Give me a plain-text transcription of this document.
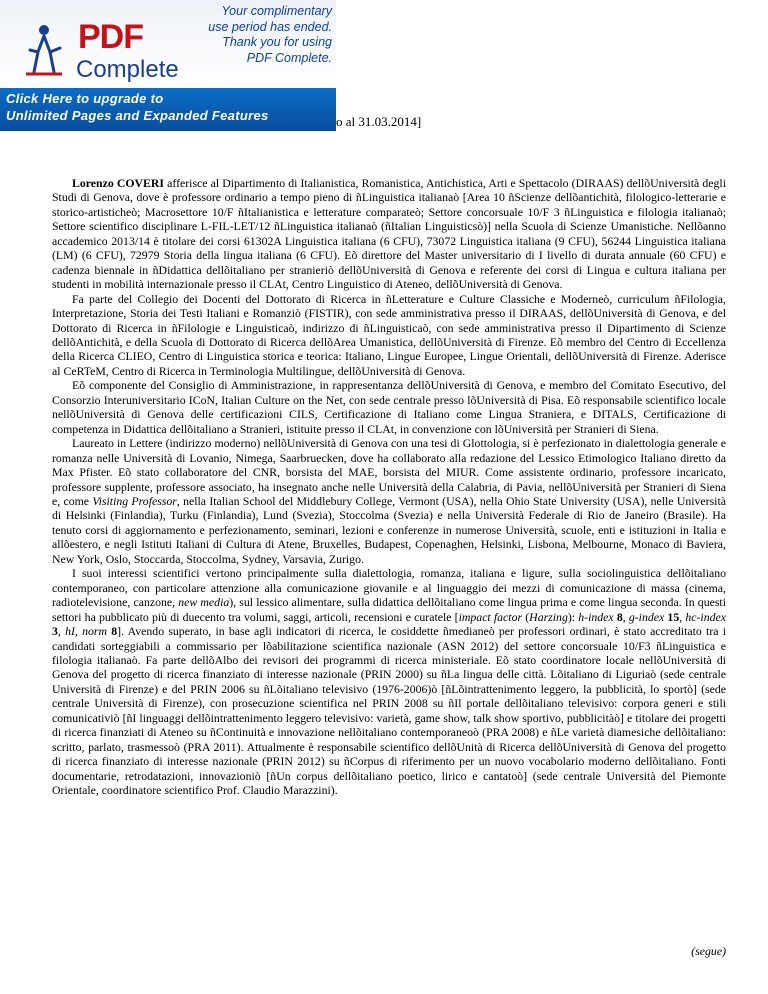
PDF
Complete
Your complimentary
use period has ended.
Thank you for using
PDF Complete.
Click Here to upgrade to
Unlimited Pages and Expanded Features	o al 31.03.2014]

Lorenzo COVERI afferisce al Dipartimento di Italianistica, Romanistica, Antichistica, Arti e Spettacolo (DIRAAS) dellõUniversità degli Studi di Genova, dove è professore ordinario a tempo pieno di ñLinguistica italianaò [Area 10 ñScienze dellõantichità, filologico-letterarie e storico-artisticheò; Macrosettore 10/F ñItalianistica e letterature comparateò; Settore concorsuale 10/F 3 ñLinguistica e filologia italianaò; Settore scientifico disciplinare L-FIL-LET/12 ñLinguistica italianaò (ñItalian Linguisticsò)] nella Scuola di Scienze Umanistiche. Nellõanno accademico 2013/14 è titolare dei corsi 61302A Linguistica italiana (6 CFU), 73072 Linguistica italiana (9 CFU), 56244 Linguistica italiana (LM) (6 CFU), 72979 Storia della lingua italiana (6 CFU). Eõ direttore del Master universitario di I livello di durata annuale (60 CFU) e cadenza biennale in ñDidattica dellõitaliano per stranieriò dellõUniversità di Genova e referente dei corsi di Lingua e cultura italiana per studenti in mobilità internazionale presso il CLAt, Centro Linguistico di Ateneo, dellõUniversità di Genova.

Fa parte del Collegio dei Docenti del Dottorato di Ricerca in ñLetterature e Culture Classiche e Moderneò, curriculum ñFilologia, Interpretazione, Storia dei Testi Italiani e Romanziò (FISTIR), con sede amministrativa presso il DIRAAS, dellõUniversità di Genova, e del Dottorato di Ricerca in ñFilologie e Linguisticaò, indirizzo di ñLinguisticaò, con sede amministrativa presso il Dipartimento di Scienze dellõAntichità, e della Scuola di Dottorato di Ricerca dellõArea Umanistica, dellõUniversità di Firenze. Eõ membro del Centro di Eccellenza della Ricerca CLIEO, Centro di Linguistica storica e teorica: Italiano, Lingue Europee, Lingue Orientali, dellõUniversità di Firenze. Aderisce al CeRTeM, Centro di Ricerca in Terminologia Multilingue, dellõUniversità di Genova.

Eõ componente del Consiglio di Amministrazione, in rappresentanza dellõUniversità di Genova, e membro del Comitato Esecutivo, del Consorzio Interuniversitario ICoN, Italian Culture on the Net, con sede centrale presso lõUniversità di Pisa. Eõ responsabile scientifico locale nellõUniversità di Genova delle certificazioni CILS, Certificazione di Italiano come Lingua Straniera, e DITALS, Certificazione di competenza in Didattica dellõitaliano a Stranieri, istituite presso il CLAt, in convenzione con lõUniversità per Stranieri di Siena.

Laureato in Lettere (indirizzo moderno) nellõUniversità di Genova con una tesi di Glottologia, si è perfezionato in dialettologia generale e romanza nelle Università di Lovanio, Nimega, Saarbruecken, dove ha collaborato alla redazione del Lessico Etimologico Italiano diretto da Max Pfister. Eõ stato collaboratore del CNR, borsista del MAE, borsista del MIUR. Come assistente ordinario, professore incaricato, professore supplente, professore associato, ha insegnato anche nelle Università della Calabria, di Pavia, nellõUniversità per Stranieri di Siena e, come Visiting Professor, nella Italian School del Middlebury College, Vermont (USA), nella Ohio State University (USA), nelle Università di Helsinki (Finlandia), Turku (Finlandia), Lund (Svezia), Stoccolma (Svezia) e nella Università Federale di Rio de Janeiro (Brasile). Ha tenuto corsi di aggiornamento e perfezionamento, seminari, lezioni e conferenze in numerose Università, scuole, enti e istituzioni in Italia e allõestero, e negli Istituti Italiani di Cultura di Atene, Bruxelles, Budapest, Copenaghen, Helsinki, Lisbona, Melbourne, Monaco di Baviera, New York, Oslo, Stoccarda, Stoccolma, Sydney, Varsavia, Zurigo.

I suoi interessi scientifici vertono principalmente sulla dialettologia, romanza, italiana e ligure, sulla sociolinguistica dellõitaliano contemporaneo, con particolare attenzione alla comunicazione giovanile e al linguaggio dei mezzi di comunicazione di massa (cinema, radiotelevisione, canzone, new media), sul lessico alimentare, sulla didattica dellõitaliano come lingua prima e come lingua seconda. In questi settori ha pubblicato più di duecento tra volumi, saggi, articoli, recensioni e curatele [impact factor (Harzing): h-index 8, g-index 15, hc-index 3, hI, norm 8]. Avendo superato, in base agli indicatori di ricerca, le cosiddette ñmedianeò per professori ordinari, è stato accreditato tra i candidati sorteggiabili a commissario per lõabilitazione scientifica nazionale (ASN 2012) del settore concorsuale 10/F3 ñLinguistica e filologia italianaò. Fa parte dellõAlbo dei revisori dei programmi di ricerca ministeriale. Eõ stato coordinatore locale nellõUniversità di Genova del progetto di ricerca finanziato di interesse nazionale (PRIN 2000) su ñLa lingua delle città. Lõitaliano di Liguriaò (sede centrale Università di Firenze) e del PRIN 2006 su ñLõitaliano televisivo (1976-2006)ò [ñLõintrattenimento leggero, la pubblicità, lo sportò] (sede centrale Università di Firenze), con prosecuzione scientifica nel PRIN 2008 su ñIl portale dellõitaliano televisivo: corpora generi e stili comunicativiò [ñI linguaggi dellõintrattenimento leggero televisivo: varietà, game show, talk show sportivo, pubblicitàò] e titolare dei progetti di ricerca finanziati di Ateneo su ñContinuità e innovazione nellõitaliano contemporaneoò (PRA 2008) e ñLe varietà diamesiche dellõitaliano: scritto, parlato, trasmessoò (PRA 2011). Attualmente è responsabile scientifico dellõUnità di Ricerca dellõUniversità di Genova del progetto di ricerca finanziato di interesse nazionale (PRIN 2012) su ñCorpus di riferimento per un nuovo vocabolario moderno dellõitaliano. Fonti documentarie, retrodatazioni, innovazioniò [ñUn corpus dellõitaliano poetico, lirico e cantatoò] (sede centrale Università del Piemonte Orientale, coordinatore scientifico Prof. Claudio Marazzini).

(segue)
